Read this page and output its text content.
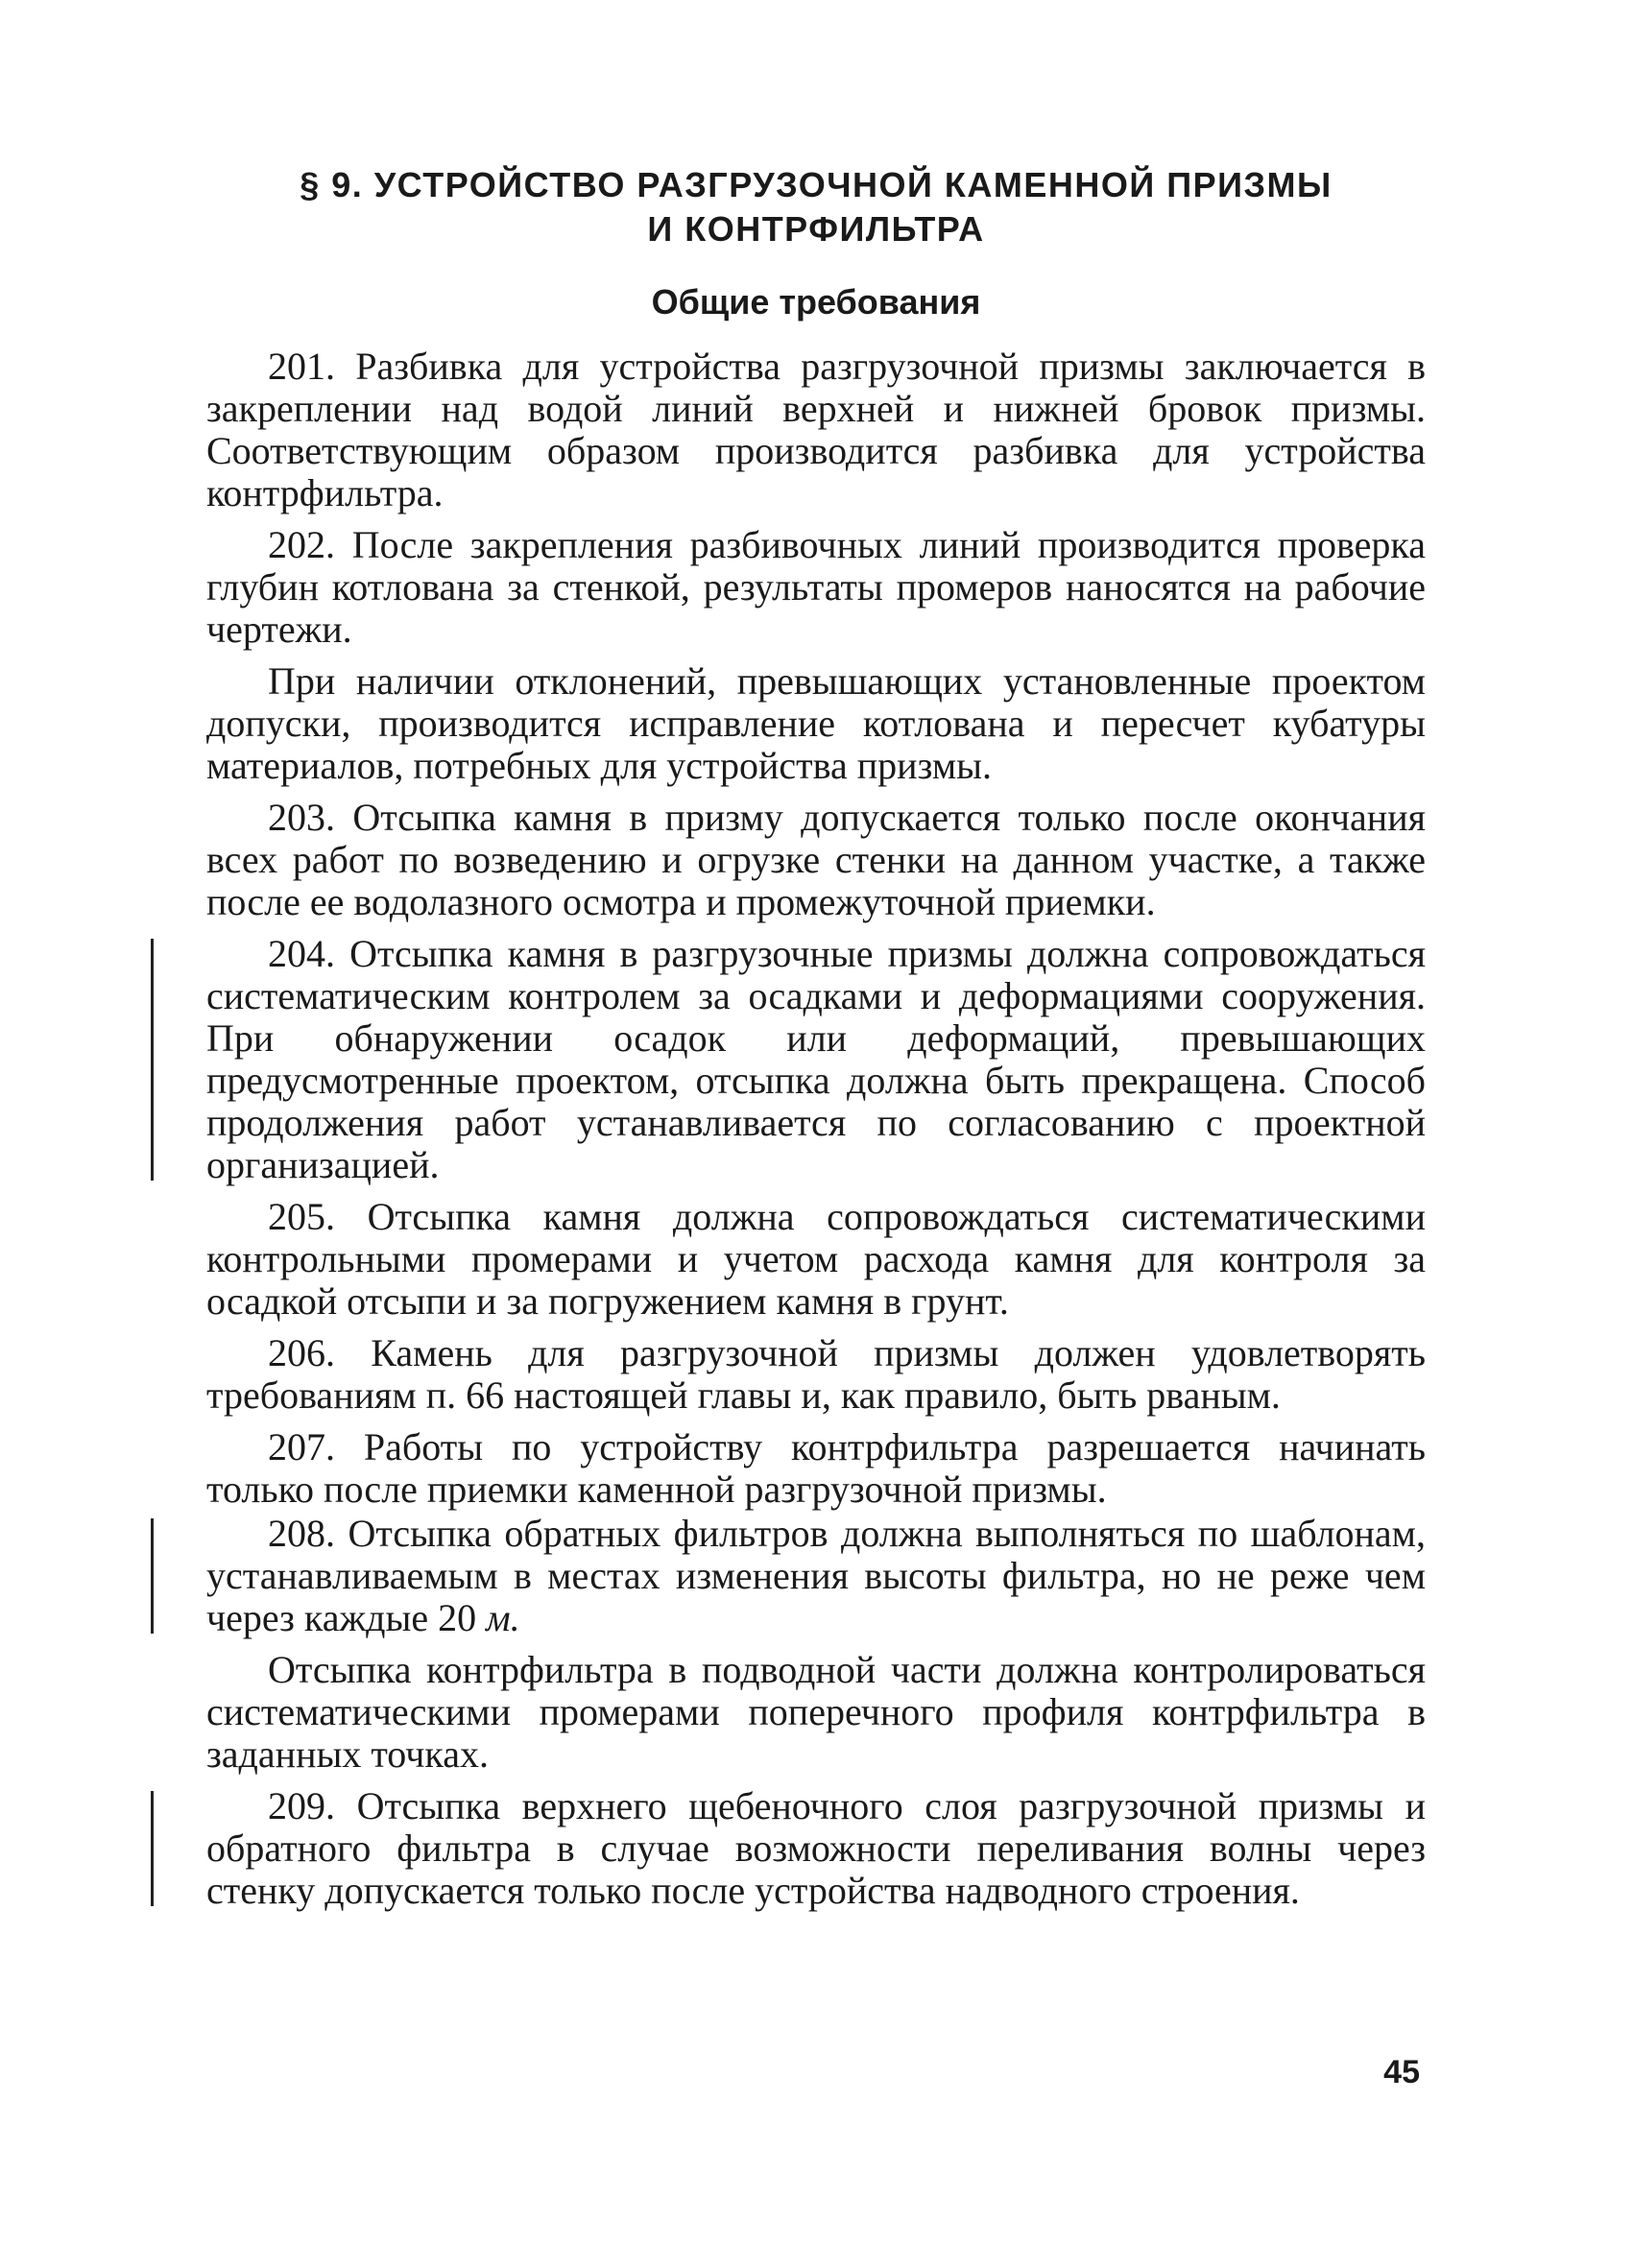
§ 9. УСТРОЙСТВО РАЗГРУЗОЧНОЙ КАМЕННОЙ ПРИЗМЫ
И КОНТРФИЛЬТРА
Общие требования

201. Разбивка для устройства разгрузочной призмы заключается в закреплении над водой линий верхней и нижней бровок призмы. Соответствующим образом производится разбивка для устройства контрфильтра.

202. После закрепления разбивочных линий производится проверка глубин котлована за стенкой, результаты промеров наносятся на рабочие чертежи.

При наличии отклонений, превышающих установленные проектом допуски, производится исправление котлована и пересчет кубатуры материалов, потребных для устройства призмы.

203. Отсыпка камня в призму допускается только после окончания всех работ по возведению и огрузке стенки на данном участке, а также после ее водолазного осмотра и промежуточной приемки.

204. Отсыпка камня в разгрузочные призмы должна сопровождаться систематическим контролем за осадками и деформациями сооружения. При обнаружении осадок или деформаций, превышающих предусмотренные проектом, отсыпка должна быть прекращена. Способ продолжения работ устанавливается по согласованию с проектной организацией.

205. Отсыпка камня должна сопровождаться систематическими контрольными промерами и учетом расхода камня для контроля за осадкой отсыпи и за погружением камня в грунт.

206. Камень для разгрузочной призмы должен удовлетворять требованиям п. 66 настоящей главы и, как правило, быть рваным.

207. Работы по устройству контрфильтра разрешается начинать только после приемки каменной разгрузочной призмы.

208. Отсыпка обратных фильтров должна выполняться по шаблонам, устанавливаемым в местах изменения высоты фильтра, но не реже чем через каждые 20 м.

Отсыпка контрфильтра в подводной части должна контролироваться систематическими промерами поперечного профиля контрфильтра в заданных точках.

209. Отсыпка верхнего щебеночного слоя разгрузочной призмы и обратного фильтра в случае возможности переливания волны через стенку допускается только после устройства надводного строения.

45
